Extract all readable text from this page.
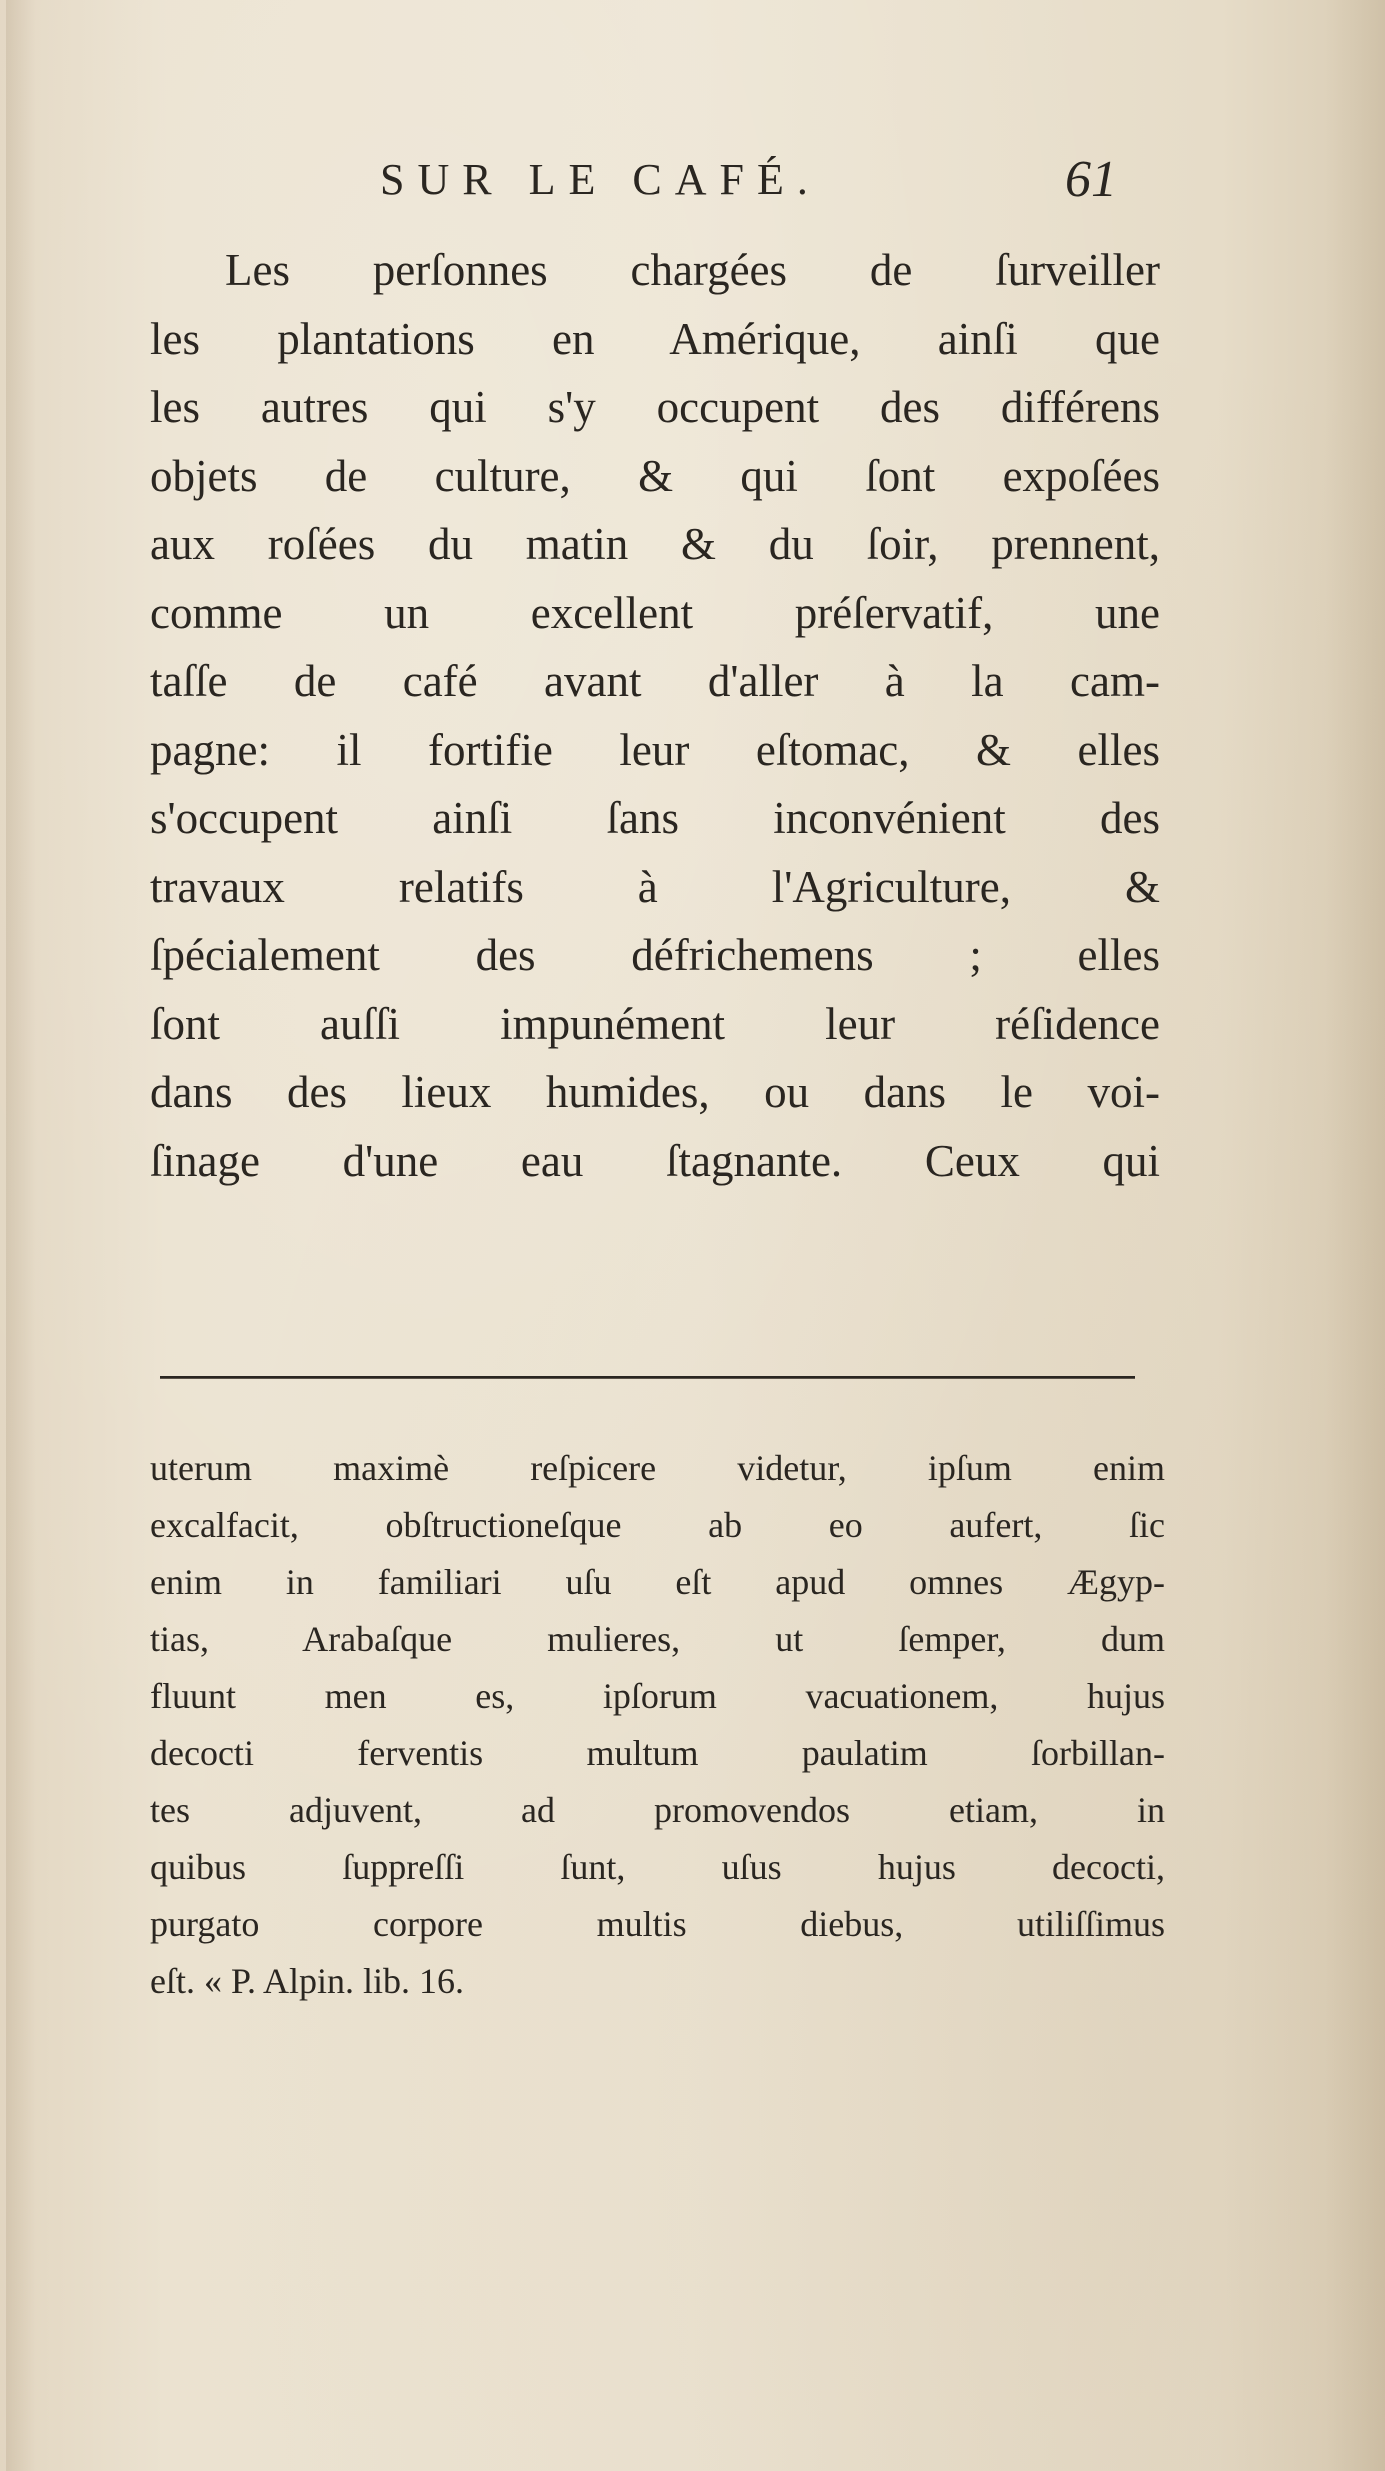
SUR LE CAFÉ.	61
Les perſonnes chargées de ſurveiller
les plantations en Amérique, ainſi que
les autres qui s'y occupent des différens
objets de culture, & qui ſont expoſées
aux roſées du matin & du ſoir, prennent,
comme un excellent préſervatif, une
taſſe de café avant d'aller à la cam-
pagne: il fortifie leur eſtomac, & elles
s'occupent ainſi ſans inconvénient des
travaux relatifs à l'Agriculture, &
ſpécialement des défrichemens ; elles
ſont auſſi impunément leur réſidence
dans des lieux humides, ou dans le voi-
ſinage d'une eau ſtagnante. Ceux qui
uterum maximè reſpicere videtur, ipſum enim
excalfacit, obſtructioneſque ab eo aufert, ſic
enim in familiari uſu eſt apud omnes Ægyp-
tias, Arabaſque mulieres, ut ſemper, dum
fluunt men es, ipſorum vacuationem, hujus
decocti ferventis multum paulatim ſorbillan-
tes adjuvent, ad promovendos etiam, in
quibus ſuppreſſi ſunt, uſus hujus decocti,
purgato corpore multis diebus, utiliſſimus
eſt. « P. Alpin. lib. 16.
